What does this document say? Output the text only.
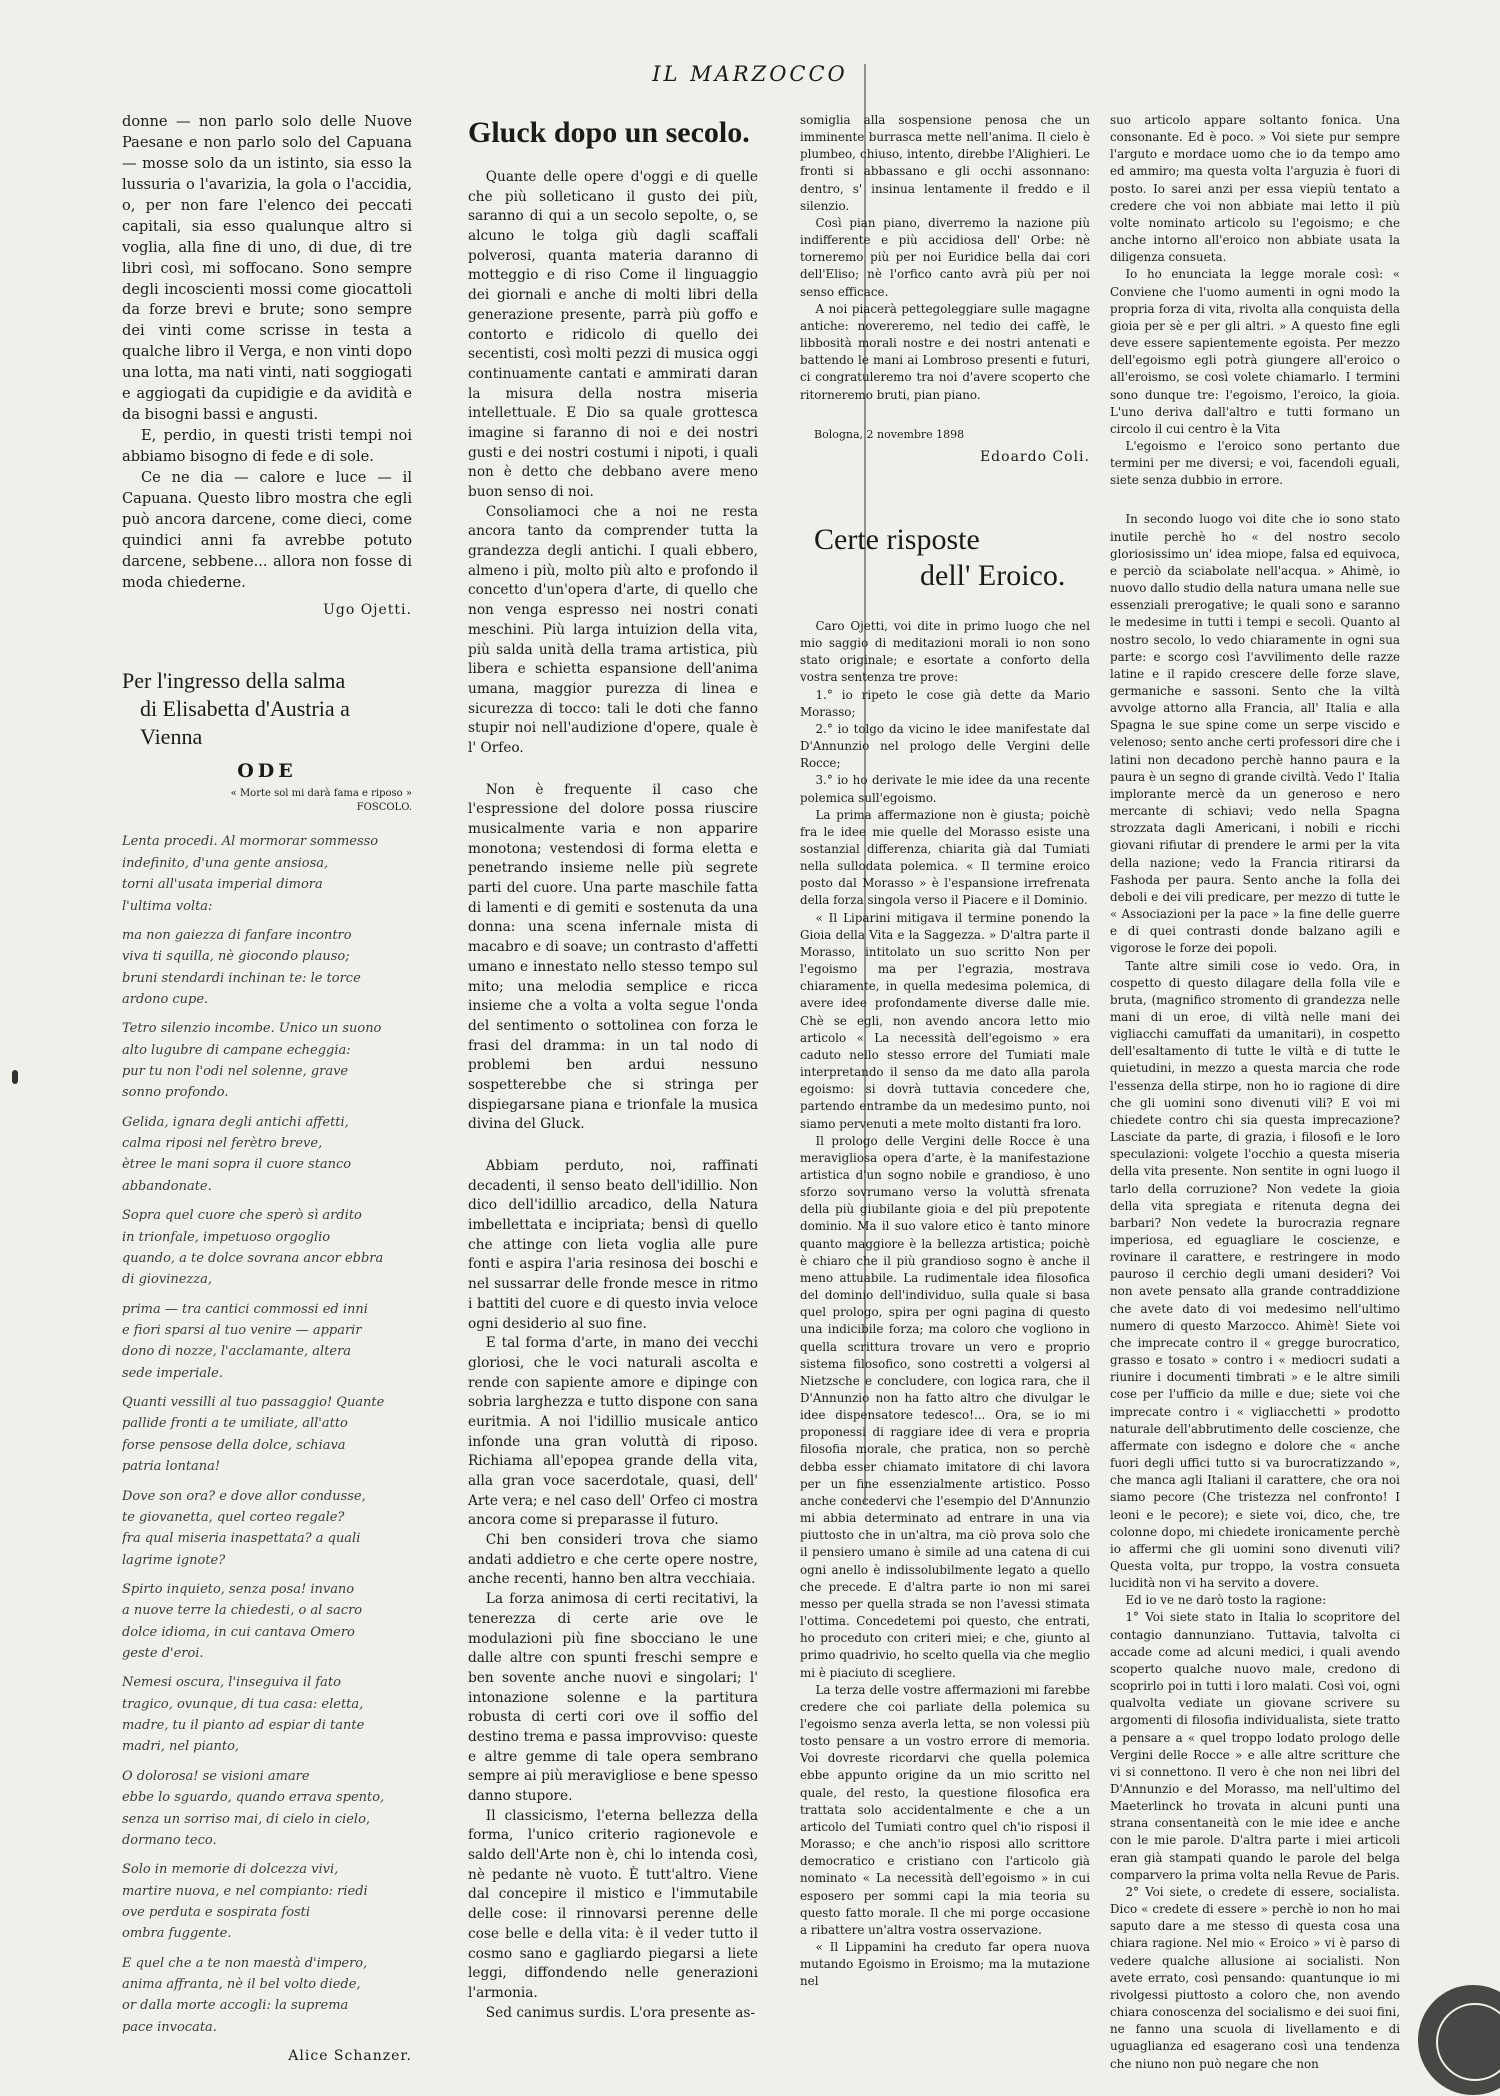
IL MARZOCCO

donne — non parlo solo delle Nuove Paesane e non parlo solo del Capuana — mosse solo da un istinto, sia esso la lussuria o l'avarizia, la gola o l'accidia, o, per non fare l'elenco dei peccati capitali, sia esso qualunque altro si voglia, alla fine di uno, di due, di tre libri così, mi soffocano. Sono sempre degli incoscienti mossi come giocattoli da forze brevi e brute; sono sempre dei vinti come scrisse in testa a qualche libro il Verga, e non vinti dopo una lotta, ma nati vinti, nati soggiogati e aggiogati da cupidigie e da avidità e da bisogni bassi e angusti.

E, perdio, in questi tristi tempi noi abbiamo bisogno di fede e di sole.

Ce ne dia — calore e luce — il Capuana. Questo libro mostra che egli può ancora darcene, come dieci, come quindici anni fa avrebbe potuto darcene, sebbene... allora non fosse di moda chiederne.

Ugo Ojetti.
Per l'ingresso della salma
di Elisabetta d'Austria a Vienna
ODE
« Morte sol mi darà fama e riposo »
FOSCOLO.
Lenta procedi. Al mormorar sommesso
indefinito, d'una gente ansiosa,
torni all'usata imperial dimora
l'ultima volta:
ma non gaiezza di fanfare incontro
viva ti squilla, nè giocondo plauso;
bruni stendardi inchinan te: le torce
ardono cupe.
Tetro silenzio incombe. Unico un suono
alto lugubre di campane echeggia:
pur tu non l'odi nel solenne, grave
sonno profondo.
Gelida, ignara degli antichi affetti,
calma riposi nel ferètro breve,
ètree le mani sopra il cuore stanco
abbandonate.
Sopra quel cuore che sperò sì ardito
in trionfale, impetuoso orgoglio
quando, a te dolce sovrana ancor ebbra
di giovinezza,
prima — tra cantici commossi ed inni
e fiori sparsi al tuo venire — apparir
dono di nozze, l'acclamante, altera
sede imperiale.
Quanti vessilli al tuo passaggio! Quante
pallide fronti a te umiliate, all'atto
forse pensose della dolce, schiava
patria lontana!
Dove son ora? e dove allor condusse,
te giovanetta, quel corteo regale?
fra qual miseria inaspettata? a quali
lagrime ignote?
Spirto inquieto, senza posa! invano
a nuove terre la chiedesti, o al sacro
dolce idioma, in cui cantava Omero
geste d'eroi.
Nemesi oscura, l'inseguiva il fato
tragico, ovunque, di tua casa: eletta,
madre, tu il pianto ad espiar di tante
madri, nel pianto,
O dolorosa! se visioni amare
ebbe lo sguardo, quando errava spento,
senza un sorriso mai, di cielo in cielo,
dormano teco.
Solo in memorie di dolcezza vivi,
martire nuova, e nel compianto: riedi
ove perduta e sospirata fosti
ombra fuggente.
E quel che a te non maestà d'impero,
anima affranta, nè il bel volto diede,
or dalla morte accogli: la suprema
pace invocata.
Alice Schanzer.
Gluck dopo un secolo.

Quante delle opere d'oggi e di quelle che più solleticano il gusto dei più, saranno di qui a un secolo sepolte, o, se alcuno le tolga giù dagli scaffali polverosi, quanta materia daranno di motteggio e di riso Come il linguaggio dei giornali e anche di molti libri della generazione presente, parrà più goffo e contorto e ridicolo di quello dei secentisti, così molti pezzi di musica oggi continuamente cantati e ammirati daran la misura della nostra miseria intellettuale. E Dio sa quale grottesca imagine si faranno di noi e dei nostri gusti e dei nostri costumi i nipoti, i quali non è detto che debbano avere meno buon senso di noi.

Consoliamoci che a noi ne resta ancora tanto da comprender tutta la grandezza degli antichi. I quali ebbero, almeno i più, molto più alto e profondo il concetto d'un'opera d'arte, di quello che non venga espresso nei nostri conati meschini. Più larga intuizion della vita, più salda unità della trama artistica, più libera e schietta espansione dell'anima umana, maggior purezza di linea e sicurezza di tocco: tali le doti che fanno stupir noi nell'audizione d'opere, quale è l' Orfeo.

Non è frequente il caso che l'espressione del dolore possa riuscire musicalmente varia e non apparire monotona; vestendosi di forma eletta e penetrando insieme nelle più segrete parti del cuore. Una parte maschile fatta di lamenti e di gemiti e sostenuta da una donna: una scena infernale mista di macabro e di soave; un contrasto d'affetti umano e innestato nello stesso tempo sul mito; una melodia semplice e ricca insieme che a volta a volta segue l'onda del sentimento o sottolinea con forza le frasi del dramma: in un tal nodo di problemi ben ardui nessuno sospetterebbe che si stringa per dispiegarsane piana e trionfale la musica divina del Gluck.

Abbiam perduto, noi, raffinati decadenti, il senso beato dell'idillio. Non dico dell'idillio arcadico, della Natura imbellettata e incipriata; bensì di quello che attinge con lieta voglia alle pure fonti e aspira l'aria resinosa dei boschi e nel sussarrar delle fronde mesce in ritmo i battiti del cuore e di questo invia veloce ogni desiderio al suo fine.

E tal forma d'arte, in mano dei vecchi gloriosi, che le voci naturali ascolta e rende con sapiente amore e dipinge con sobria larghezza e tutto dispone con sana euritmia. A noi l'idillio musicale antico infonde una gran voluttà di riposo. Richiama all'epopea grande della vita, alla gran voce sacerdotale, quasi, dell' Arte vera; e nel caso dell' Orfeo ci mostra ancora come si preparasse il futuro.

Chi ben consideri trova che siamo andati addietro e che certe opere nostre, anche recenti, hanno ben altra vecchiaia.

La forza animosa di certi recitativi, la tenerezza di certe arie ove le modulazioni più fine sbocciano le une dalle altre con spunti freschi sempre e ben sovente anche nuovi e singolari; l' intonazione solenne e la partitura robusta di certi cori ove il soffio del destino trema e passa improvviso: queste e altre gemme di tale opera sembrano sempre ai più meravigliose e bene spesso danno stupore.

Il classicismo, l'eterna bellezza della forma, l'unico criterio ragionevole e saldo dell'Arte non è, chi lo intenda così, nè pedante nè vuoto. È tutt'altro. Viene dal concepire il mistico e l'immutabile delle cose: il rinnovarsi perenne delle cose belle e della vita: è il veder tutto il cosmo sano e gagliardo piegarsi a liete leggi, diffondendo nelle generazioni l'armonia.

Sed canimus surdis. L'ora presente as-

somiglia alla sospensione penosa che un imminente burrasca mette nell'anima. Il cielo è plumbeo, chiuso, intento, direbbe l'Alighieri. Le fronti si abbassano e gli occhi assonnano: dentro, s' insinua lentamente il freddo e il silenzio.

Così pian piano, diverremo la nazione più indifferente e più accidiosa dell' Orbe: nè torneremo più per noi Euridice bella dai cori dell'Eliso; nè l'orfico canto avrà più per noi senso efficace.

A noi piacerà pettegoleggiare sulle magagne antiche: novereremo, nel tedio dei caffè, le libbosità morali nostre e dei nostri antenati e battendo le mani ai Lombroso presenti e futuri, ci congratuleremo tra noi d'avere scoperto che ritorneremo bruti, pian piano.

Bologna, 2 novembre 1898
Edoardo Coli.
Certe risposte
dell' Eroico.

Caro Ojetti, voi dite in primo luogo che nel mio saggio di meditazioni morali io non sono stato originale; e esortate a conforto della vostra sentenza tre prove:

1.° io ripeto le cose già dette da Mario Morasso;

2.° io tolgo da vicino le idee manifestate dal D'Annunzio nel prologo delle Vergini delle Rocce;

3.° io ho derivate le mie idee da una recente polemica sull'egoismo.

La prima affermazione non è giusta; poichè fra le idee mie quelle del Morasso esiste una sostanzial differenza, chiarita già dal Tumiati nella sullodata polemica. « Il termine eroico posto dal Morasso » è l'espansione irrefrenata della forza singola verso il Piacere e il Dominio.

« Il Liparini mitigava il termine ponendo la Gioia della Vita e la Saggezza. » D'altra parte il Morasso, intitolato un suo scritto Non per l'egoismo ma per l'egrazia, mostrava chiaramente, in quella medesima polemica, di avere idee profondamente diverse dalle mie. Chè se egli, non avendo ancora letto mio articolo « La necessità dell'egoismo » era caduto nello stesso errore del Tumiati male interpretando il senso da me dato alla parola egoismo: si dovrà tuttavia concedere che, partendo entrambe da un medesimo punto, noi siamo pervenuti a mete molto distanti fra loro.

Il prologo delle Vergini delle Rocce è una meravigliosa opera d'arte, è la manifestazione artistica d'un sogno nobile e grandioso, è uno sforzo sovrumano verso la voluttà sfrenata della più giubilante gioia e del più prepotente dominio. Ma il suo valore etico è tanto minore quanto maggiore è la bellezza artistica; poichè è chiaro che il più grandioso sogno è anche il meno attuabile. La rudimentale idea filosofica del dominio dell'individuo, sulla quale si basa quel prologo, spira per ogni pagina di questo una indicibile forza; ma coloro che vogliono in quella scrittura trovare un vero e proprio sistema filosofico, sono costretti a volgersi al Nietzsche e concludere, con logica rara, che il D'Annunzio non ha fatto altro che divulgar le idee dispensatore tedesco!... Ora, se io mi proponessi di raggiare idee di vera e propria filosofia morale, che pratica, non so perchè debba esser chiamato imitatore di chi lavora per un fine essenzialmente artistico. Posso anche concedervi che l'esempio del D'Annunzio mi abbia determinato ad entrare in una via piuttosto che in un'altra, ma ciò prova solo che il pensiero umano è simile ad una catena di cui ogni anello è indissolubilmente legato a quello che precede. E d'altra parte io non mi sarei messo per quella strada se non l'avessi stimata l'ottima. Concedetemi poi questo, che entrati, ho proceduto con criteri miei; e che, giunto al primo quadrivio, ho scelto quella via che meglio mi è piaciuto di scegliere.

La terza delle vostre affermazioni mi farebbe credere che coi parliate della polemica su l'egoismo senza averla letta, se non volessi più tosto pensare a un vostro errore di memoria. Voi dovreste ricordarvi che quella polemica ebbe appunto origine da un mio scritto nel quale, del resto, la questione filosofica era trattata solo accidentalmente e che a un articolo del Tumiati contro quel ch'io risposi il Morasso; e che anch'io risposi allo scrittore democratico e cristiano con l'articolo già nominato « La necessità dell'egoismo » in cui esposero per sommi capi la mia teoria su questo fatto morale. Il che mi porge occasione a ribattere un'altra vostra osservazione.

« Il Lippamini ha creduto far opera nuova mutando Egoismo in Eroismo; ma la mutazione nel

suo articolo appare soltanto fonica. Una consonante. Ed è poco. » Voi siete pur sempre l'arguto e mordace uomo che io da tempo amo ed ammiro; ma questa volta l'arguzia è fuori di posto. Io sarei anzi per essa viepiù tentato a credere che voi non abbiate mai letto il più volte nominato articolo su l'egoismo; e che anche intorno all'eroico non abbiate usata la diligenza consueta.

Io ho enunciata la legge morale così: « Conviene che l'uomo aumenti in ogni modo la propria forza di vita, rivolta alla conquista della gioia per sè e per gli altri. » A questo fine egli deve essere sapientemente egoista. Per mezzo dell'egoismo egli potrà giungere all'eroico o all'eroismo, se così volete chiamarlo. I termini sono dunque tre: l'egoismo, l'eroico, la gioia. L'uno deriva dall'altro e tutti formano un circolo il cui centro è la Vita

L'egoismo e l'eroico sono pertanto due termini per me diversi; e voi, facendoli eguali, siete senza dubbio in errore.

In secondo luogo voi dite che io sono stato inutile perchè ho « del nostro secolo gloriosissimo un' idea miope, falsa ed equivoca, e perciò da sciabolate nell'acqua. » Ahimè, io nuovo dallo studio della natura umana nelle sue essenziali prerogative; le quali sono e saranno le medesime in tutti i tempi e secoli. Quanto al nostro secolo, lo vedo chiaramente in ogni sua parte: e scorgo così l'avvilimento delle razze latine e il rapido crescere delle forze slave, germaniche e sassoni. Sento che la viltà avvolge attorno alla Francia, all' Italia e alla Spagna le sue spine come un serpe viscido e velenoso; sento anche certi professori dire che i latini non decadono perchè hanno paura e la paura è un segno di grande civiltà. Vedo l' Italia implorante mercè da un generoso e nero mercante di schiavi; vedo nella Spagna strozzata dagli Americani, i nobili e ricchi giovani rifiutar di prendere le armi per la vita della nazione; vedo la Francia ritirarsi da Fashoda per paura. Sento anche la folla dei deboli e dei vili predicare, per mezzo di tutte le « Associazioni per la pace » la fine delle guerre e di quei contrasti donde balzano agili e vigorose le forze dei popoli.

Tante altre simili cose io vedo. Ora, in cospetto di questo dilagare della folla vile e bruta, (magnifico stromento di grandezza nelle mani di un eroe, di viltà nelle mani dei vigliacchi camuffati da umanitari), in cospetto dell'esaltamento di tutte le viltà e di tutte le quietudini, in mezzo a questa marcia che rode l'essenza della stirpe, non ho io ragione di dire che gli uomini sono divenuti vili? E voi mi chiedete contro chi sia questa imprecazione? Lasciate da parte, di grazia, i filosofi e le loro speculazioni: volgete l'occhio a questa miseria della vita presente. Non sentite in ogni luogo il tarlo della corruzione? Non vedete la gioia della vita spregiata e ritenuta degna dei barbari? Non vedete la burocrazia regnare imperiosa, ed eguagliare le coscienze, e rovinare il carattere, e restringere in modo pauroso il cerchio degli umani desideri? Voi non avete pensato alla grande contraddizione che avete dato di voi medesimo nell'ultimo numero di questo Marzocco. Ahimè! Siete voi che imprecate contro il « gregge burocratico, grasso e tosato » contro i « mediocri sudati a riunire i documenti timbrati » e le altre simili cose per l'ufficio da mille e due; siete voi che imprecate contro i « vigliacchetti » prodotto naturale dell'abbrutimento delle coscienze, che affermate con isdegno e dolore che « anche fuori degli uffici tutto si va burocratizzando », che manca agli Italiani il carattere, che ora noi siamo pecore (Che tristezza nel confronto! I leoni e le pecore); e siete voi, dico, che, tre colonne dopo, mi chiedete ironicamente perchè io affermi che gli uomini sono divenuti vili? Questa volta, pur troppo, la vostra consueta lucidità non vi ha servito a dovere.

Ed io ve ne darò tosto la ragione:

1° Voi siete stato in Italia lo scopritore del contagio dannunziano. Tuttavia, talvolta ci accade come ad alcuni medici, i quali avendo scoperto qualche nuovo male, credono di scoprirlo poi in tutti i loro malati. Così voi, ogni qualvolta vediate un giovane scrivere su argomenti di filosofia individualista, siete tratto a pensare a « quel troppo lodato prologo delle Vergini delle Rocce » e alle altre scritture che vi si connettono. Il vero è che non nei libri del D'Annunzio e del Morasso, ma nell'ultimo del Maeterlinck ho trovata in alcuni punti una strana consentaneità con le mie idee e anche con le mie parole. D'altra parte i miei articoli eran già stampati quando le parole del belga comparvero la prima volta nella Revue de Paris.

2° Voi siete, o credete di essere, socialista. Dico « credete di essere » perchè io non ho mai saputo dare a me stesso di questa cosa una chiara ragione. Nel mio « Eroico » vi è parso di vedere qualche allusione ai socialisti. Non avete errato, così pensando: quantunque io mi rivolgessi piuttosto a coloro che, non avendo chiara conoscenza del socialismo e dei suoi fini, ne fanno una scuola di livellamento e di uguaglianza ed esagerano così una tendenza che niuno non può negare che non
